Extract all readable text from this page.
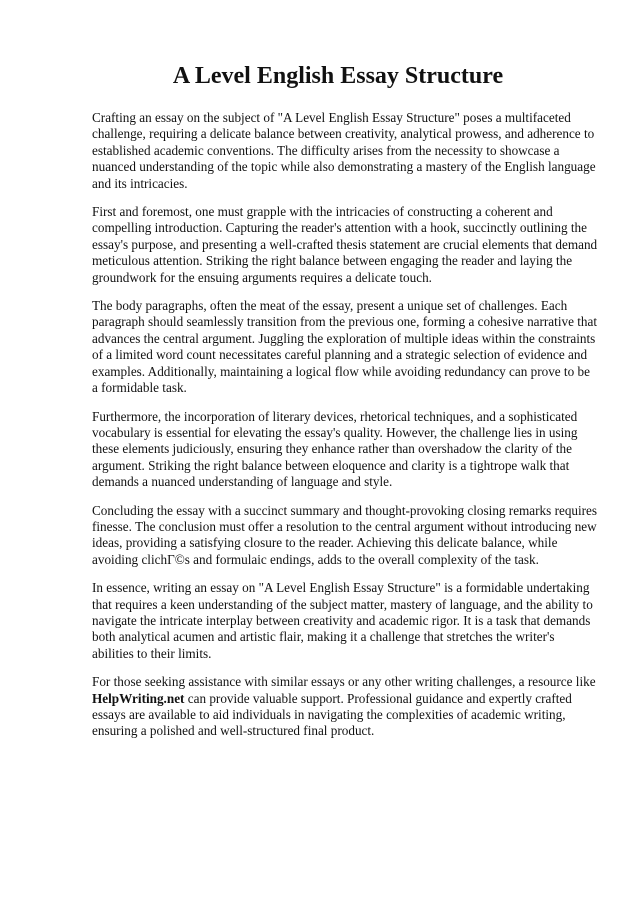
A Level English Essay Structure

Crafting an essay on the subject of "A Level English Essay Structure" poses a multifaceted challenge, requiring a delicate balance between creativity, analytical prowess, and adherence to established academic conventions. The difficulty arises from the necessity to showcase a nuanced understanding of the topic while also demonstrating a mastery of the English language and its intricacies.

First and foremost, one must grapple with the intricacies of constructing a coherent and compelling introduction. Capturing the reader's attention with a hook, succinctly outlining the essay's purpose, and presenting a well-crafted thesis statement are crucial elements that demand meticulous attention. Striking the right balance between engaging the reader and laying the groundwork for the ensuing arguments requires a delicate touch.

The body paragraphs, often the meat of the essay, present a unique set of challenges. Each paragraph should seamlessly transition from the previous one, forming a cohesive narrative that advances the central argument. Juggling the exploration of multiple ideas within the constraints of a limited word count necessitates careful planning and a strategic selection of evidence and examples. Additionally, maintaining a logical flow while avoiding redundancy can prove to be a formidable task.

Furthermore, the incorporation of literary devices, rhetorical techniques, and a sophisticated vocabulary is essential for elevating the essay's quality. However, the challenge lies in using these elements judiciously, ensuring they enhance rather than overshadow the clarity of the argument. Striking the right balance between eloquence and clarity is a tightrope walk that demands a nuanced understanding of language and style.

Concluding the essay with a succinct summary and thought-provoking closing remarks requires finesse. The conclusion must offer a resolution to the central argument without introducing new ideas, providing a satisfying closure to the reader. Achieving this delicate balance, while avoiding clichГ©s and formulaic endings, adds to the overall complexity of the task.

In essence, writing an essay on "A Level English Essay Structure" is a formidable undertaking that requires a keen understanding of the subject matter, mastery of language, and the ability to navigate the intricate interplay between creativity and academic rigor. It is a task that demands both analytical acumen and artistic flair, making it a challenge that stretches the writer's abilities to their limits.

For those seeking assistance with similar essays or any other writing challenges, a resource like HelpWriting.net can provide valuable support. Professional guidance and expertly crafted essays are available to aid individuals in navigating the complexities of academic writing, ensuring a polished and well-structured final product.
